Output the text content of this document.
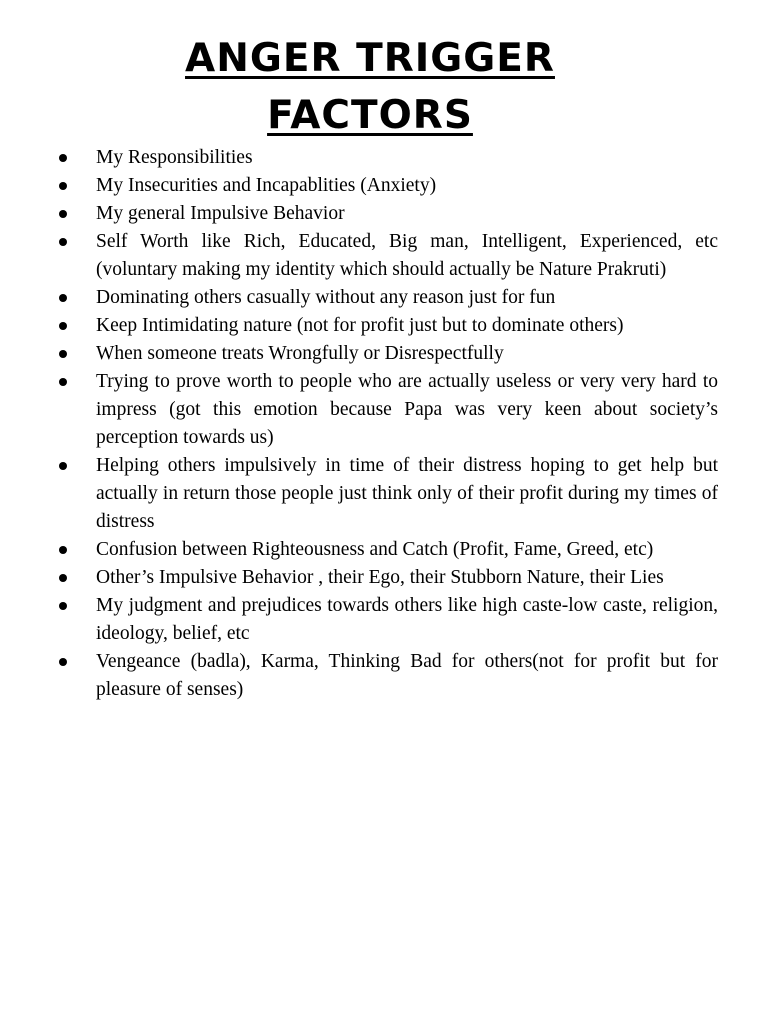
ANGER TRIGGER FACTORS
My Responsibilities
My Insecurities and Incapablities (Anxiety)
My general Impulsive Behavior
Self Worth like Rich, Educated, Big man, Intelligent, Experienced, etc (voluntary making my identity which should actually be Nature Prakruti)
Dominating others casually without any reason just for fun
Keep Intimidating nature (not for profit just but to dominate others)
When someone treats Wrongfully or Disrespectfully
Trying to prove worth to people who are actually useless or very very hard to impress (got this emotion because Papa was very keen about society’s perception towards us)
Helping others impulsively in time of their distress hoping to get help but actually in return those people just think only of their profit during my times of distress
Confusion between Righteousness and Catch (Profit, Fame, Greed, etc)
Other’s Impulsive Behavior , their Ego, their Stubborn Nature, their Lies
My judgment and prejudices towards others like high caste-low caste, religion, ideology, belief, etc
Vengeance (badla), Karma, Thinking Bad for others(not for profit but for pleasure of senses)
